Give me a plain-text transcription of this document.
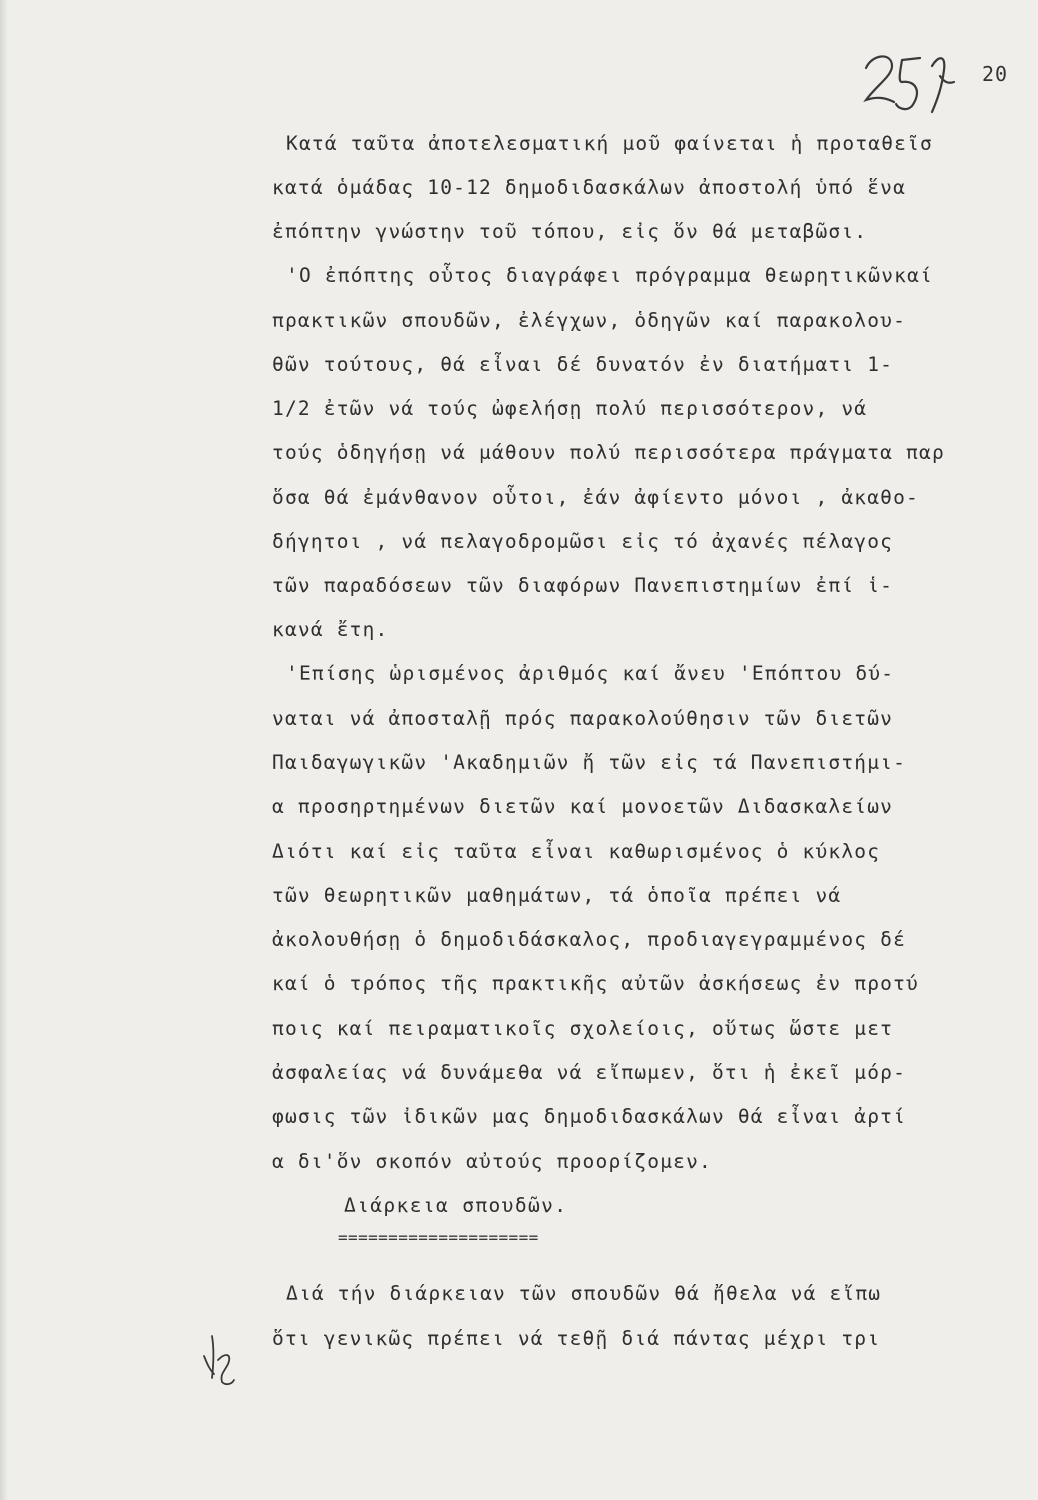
20
Κατά ταῦτα ἀποτελεσματική μοῦ φαίνεται ἡ προταθεῖσ
κατά ὁμάδας 10-12 δημοδιδασκάλων ἀποστολή ὑπό ἕνα
ἐπόπτην γνώστην τοῦ τόπου, εἰς ὅν θά μεταβῶσι.
'Ο ἐπόπτης οὗτος διαγράφει πρόγραμμα θεωρητικῶνκαί
πρακτικῶν σπουδῶν, ἐλέγχων, ὁδηγῶν καί παρακολου-
θῶν τούτους, θά εἶναι δέ δυνατόν ἐν διατήματι 1-
1/2 ἐτῶν νά τούς ὠφελήσῃ πολύ περισσότερον, νά
τούς ὁδηγήσῃ νά μάθουν πολύ περισσότερα πράγματα παρ
ὅσα θά ἐμάνθανον οὗτοι, ἐάν ἀφίεντο μόνοι , ἀκαθο-
δήγητοι , νά πελαγοδρομῶσι εἰς τό ἀχανές πέλαγος
τῶν παραδόσεων τῶν διαφόρων Πανεπιστημίων ἐπί ἱ-
κανά ἔτη.
'Επίσης ὡρισμένος ἀριθμός καί ἄνευ 'Επόπτου δύ-
ναται νά ἀποσταλῇ πρός παρακολούθησιν τῶν διετῶν
Παιδαγωγικῶν 'Ακαδημιῶν ἤ τῶν εἰς τά Πανεπιστήμι-
α προσηρτημένων διετῶν καί μονοετῶν Διδασκαλείων
Διότι καί εἰς ταῦτα εἶναι καθωρισμένος ὁ κύκλος
τῶν θεωρητικῶν μαθημάτων, τά ὁποῖα πρέπει νά
ἀκολουθήσῃ ὁ δημοδιδάσκαλος, προδιαγεγραμμένος δέ
καί ὁ τρόπος τῆς πρακτικῆς αὐτῶν ἀσκήσεως ἐν προτύ
ποις καί πειραματικοῖς σχολείοις, οὕτως ὥστε μετ
ἀσφαλείας νά δυνάμεθα νά εἴπωμεν, ὅτι ἡ ἐκεῖ μόρ-
φωσις τῶν ἰδικῶν μας δημοδιδασκάλων θά εἶναι ἀρτί
α δι'ὅν σκοπόν αὐτούς προορίζομεν.
Διάρκεια σπουδῶν.
====================
Διά τήν διάρκειαν τῶν σπουδῶν θά ἤθελα νά εἴπω
ὅτι γενικῶς πρέπει νά τεθῇ διά πάντας μέχρι τρι
